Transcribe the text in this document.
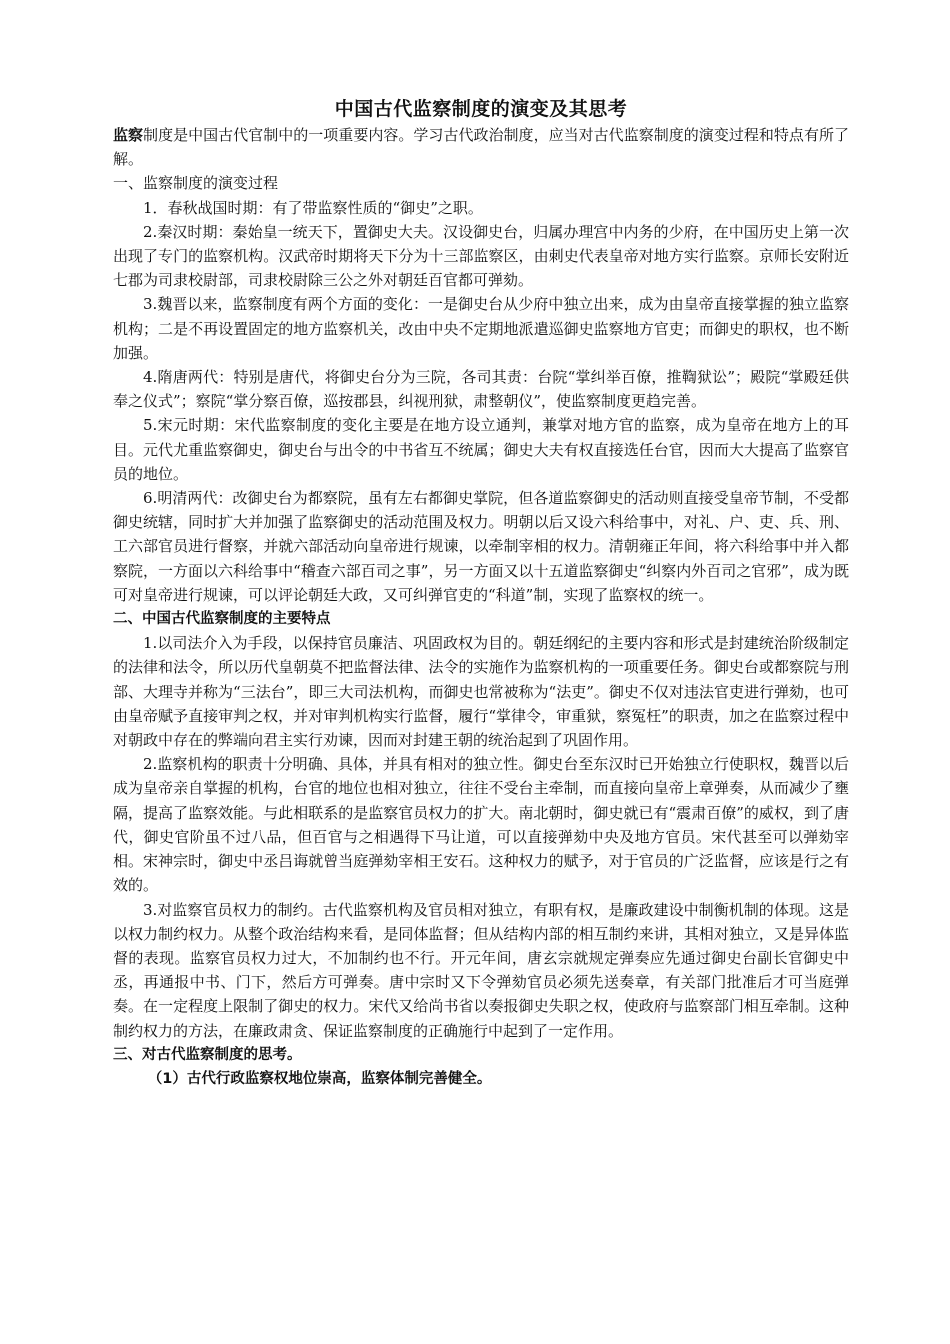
中国古代监察制度的演变及其思考

监察制度是中国古代官制中的一项重要内容。学习古代政治制度，应当对古代监察制度的演变过程和特点有所了解。

一、监察制度的演变过程

1．春秋战国时期：有了带监察性质的“御史”之职。

2.秦汉时期：秦始皇一统天下，置御史大夫。汉设御史台，归属办理宫中内务的少府，在中国历史上第一次出现了专门的监察机构。汉武帝时期将天下分为十三部监察区，由刺史代表皇帝对地方实行监察。京师长安附近七郡为司隶校尉部，司隶校尉除三公之外对朝廷百官都可弹劾。

3.魏晋以来，监察制度有两个方面的变化：一是御史台从少府中独立出来，成为由皇帝直接掌握的独立监察机构；二是不再设置固定的地方监察机关，改由中央不定期地派遣巡御史监察地方官吏；而御史的职权，也不断加强。

4.隋唐两代：特别是唐代，将御史台分为三院，各司其责：台院“掌纠举百僚，推鞫狱讼”；殿院“掌殿廷供奉之仪式”；察院“掌分察百僚，巡按郡县，纠视刑狱，肃整朝仪”，使监察制度更趋完善。

5.宋元时期：宋代监察制度的变化主要是在地方设立通判，兼掌对地方官的监察，成为皇帝在地方上的耳目。元代尤重监察御史，御史台与出令的中书省互不统属；御史大夫有权直接选任台官，因而大大提高了监察官员的地位。

6.明清两代：改御史台为都察院，虽有左右都御史掌院，但各道监察御史的活动则直接受皇帝节制，不受都御史统辖，同时扩大并加强了监察御史的活动范围及权力。明朝以后又设六科给事中，对礼、户、吏、兵、刑、工六部官员进行督察，并就六部活动向皇帝进行规谏，以牵制宰相的权力。清朝雍正年间，将六科给事中并入都察院，一方面以六科给事中“稽查六部百司之事”，另一方面又以十五道监察御史“纠察内外百司之官邪”，成为既可对皇帝进行规谏，可以评论朝廷大政，又可纠弹官吏的“科道”制，实现了监察权的统一。

二、中国古代监察制度的主要特点

1.以司法介入为手段，以保持官员廉洁、巩固政权为目的。朝廷纲纪的主要内容和形式是封建统治阶级制定的法律和法令，所以历代皇朝莫不把监督法律、法令的实施作为监察机构的一项重要任务。御史台或都察院与刑部、大理寺并称为“三法台”，即三大司法机构，而御史也常被称为“法吏”。御史不仅对违法官吏进行弹劾，也可由皇帝赋予直接审判之权，并对审判机构实行监督，履行“掌律令，审重狱，察冤枉”的职责，加之在监察过程中对朝政中存在的弊端向君主实行劝谏，因而对封建王朝的统治起到了巩固作用。

2.监察机构的职责十分明确、具体，并具有相对的独立性。御史台至东汉时已开始独立行使职权，魏晋以后成为皇帝亲自掌握的机构，台官的地位也相对独立，往往不受台主牵制，而直接向皇帝上章弹奏，从而减少了壅隔，提高了监察效能。与此相联系的是监察官员权力的扩大。南北朝时，御史就已有“震肃百僚”的威权，到了唐代，御史官阶虽不过八品，但百官与之相遇得下马让道，可以直接弹劾中央及地方官员。宋代甚至可以弹劾宰相。宋神宗时，御史中丞吕诲就曾当庭弹劾宰相王安石。这种权力的赋予，对于官员的广泛监督，应该是行之有效的。

3.对监察官员权力的制约。古代监察机构及官员相对独立，有职有权，是廉政建设中制衡机制的体现。这是以权力制约权力。从整个政治结构来看，是同体监督；但从结构内部的相互制约来讲，其相对独立，又是异体监督的表现。监察官员权力过大，不加制约也不行。开元年间，唐玄宗就规定弹奏应先通过御史台副长官御史中丞，再通报中书、门下，然后方可弹奏。唐中宗时又下令弹劾官员必须先送奏章，有关部门批准后才可当庭弹奏。在一定程度上限制了御史的权力。宋代又给尚书省以奏报御史失职之权，使政府与监察部门相互牵制。这种制约权力的方法，在廉政肃贪、保证监察制度的正确施行中起到了一定作用。

三、对古代监察制度的思考。

（1）古代行政监察权地位崇高，监察体制完善健全。
